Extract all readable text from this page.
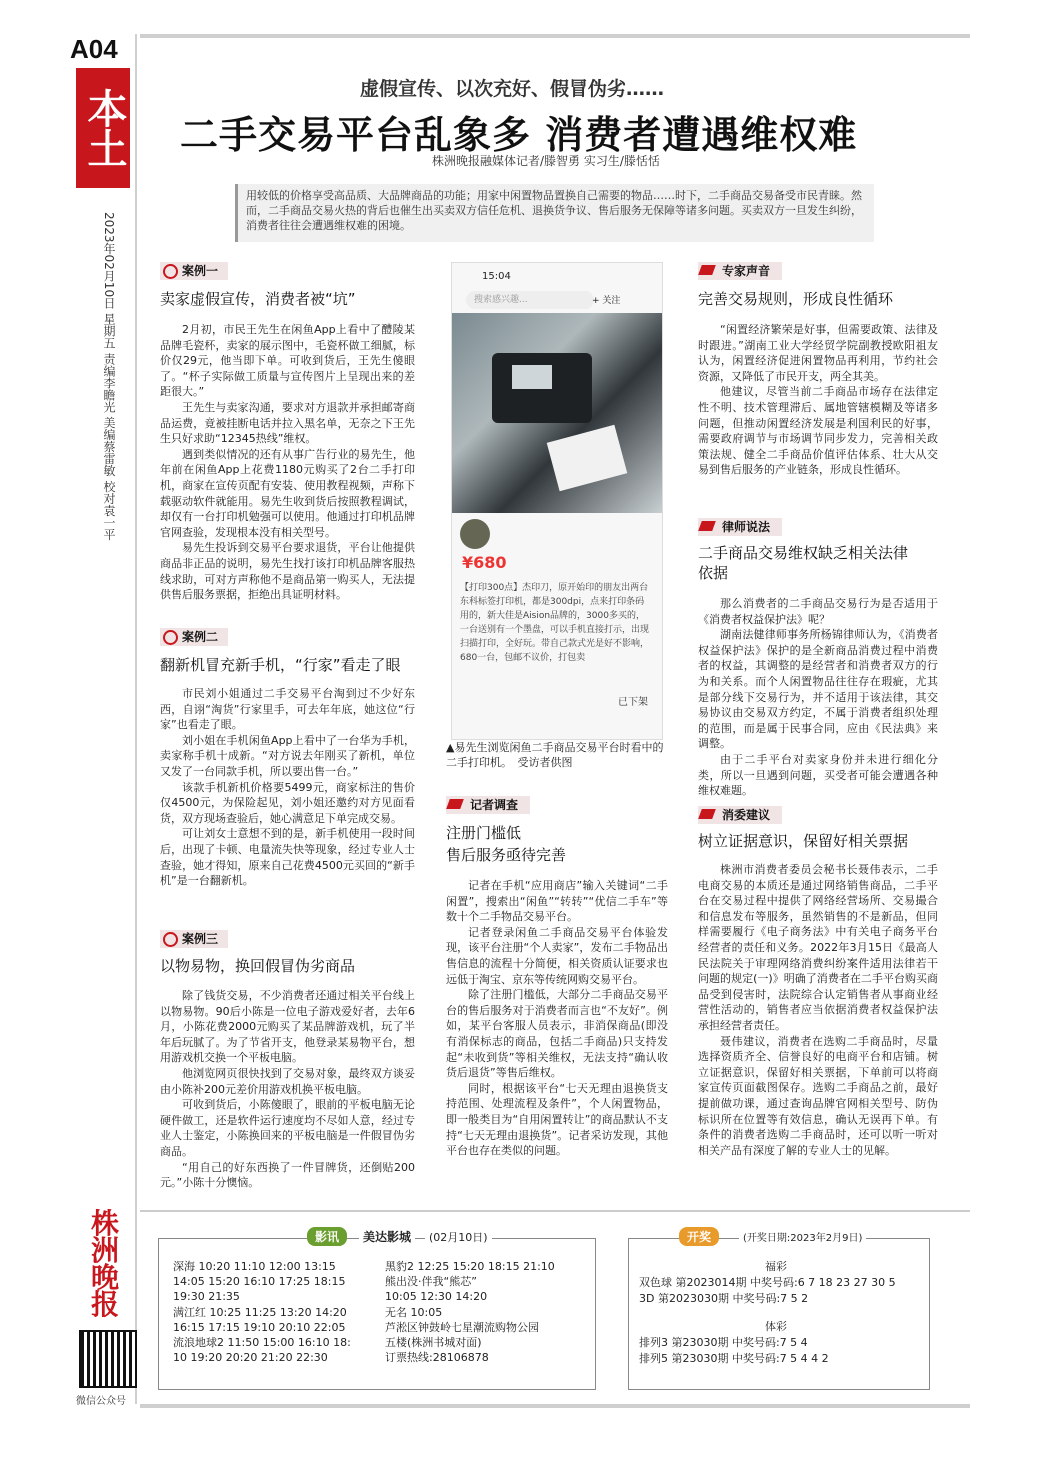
A04
本土
2023年02月10日 星期五 责编李瞻光 美编蔡雷敏 校对袁一平
虚假宣传、以次充好、假冒伪劣……
二手交易平台乱象多 消费者遭遇维权难
株洲晚报融媒体记者/滕智勇 实习生/滕恬恬
用较低的价格享受高品质、大品牌商品的功能；用家中闲置物品置换自己需要的物品……时下，二手商品交易备受市民青睐。然而，二手商品交易火热的背后也催生出买卖双方信任危机、退换货争议、售后服务无保障等诸多问题。买卖双方一旦发生纠纷，消费者往往会遭遇维权难的困境。
案例一
卖家虚假宣传，消费者被“坑”

2月初，市民王先生在闲鱼App上看中了醴陵某品牌毛瓷杯，卖家的展示图中，毛瓷杯做工细腻，标价仅29元，他当即下单。可收到货后，王先生傻眼了。“杯子实际做工质量与宣传图片上呈现出来的差距很大。”

王先生与卖家沟通，要求对方退款并承担邮寄商品运费，竟被挂断电话并拉入黑名单，无奈之下王先生只好求助“12345热线”维权。

遇到类似情况的还有从事广告行业的易先生，他年前在闲鱼App上花费1180元购买了2台二手打印机，商家在宣传页配有安装、使用教程视频，声称下载驱动软件就能用。易先生收到货后按照教程调试，却仅有一台打印机勉强可以使用。他通过打印机品牌官网查验，发现根本没有相关型号。

易先生投诉到交易平台要求退货，平台让他提供商品非正品的说明，易先生找打该打印机品牌客服热线求助，可对方声称他不是商品第一购买人，无法提供售后服务票据，拒绝出具证明材料。

案例二
翻新机冒充新手机，“行家”看走了眼

市民刘小姐通过二手交易平台淘到过不少好东西，自诩“淘货”行家里手，可去年年底，她这位“行家”也看走了眼。

刘小姐在手机闲鱼App上看中了一台华为手机，卖家称手机十成新。“对方说去年刚买了新机，单位又发了一台同款手机，所以要出售一台。”

该款手机新机价格要5499元，商家标注的售价仅4500元，为保险起见，刘小姐还邀约对方见面看货，双方现场查验后，她心满意足下单完成交易。

可让刘女士意想不到的是，新手机使用一段时间后，出现了卡顿、电量流失快等现象，经过专业人士查验，她才得知，原来自己花费4500元买回的“新手机”是一台翻新机。

案例三
以物易物，换回假冒伪劣商品

除了钱货交易，不少消费者还通过相关平台线上以物易物。90后小陈是一位电子游戏爱好者，去年6月，小陈花费2000元购买了某品牌游戏机，玩了半年后玩腻了。为了节省开支，他登录某易物平台，想用游戏机交换一个平板电脑。

他浏览网页很快找到了交易对象，最终双方谈妥由小陈补200元差价用游戏机换平板电脑。

可收到货后，小陈傻眼了，眼前的平板电脑无论硬件做工，还是软件运行速度均不尽如人意，经过专业人士鉴定，小陈换回来的平板电脑是一件假冒伪劣商品。

“用自己的好东西换了一件冒牌货，还倒贴200元。”小陈十分懊恼。

15:04
搜索感兴趣...	+ 关注
¥680
【打印300点】杰印刀，原开始印的朋友出两台东科标签打印机，都是300dpi，点来打印条码用的，新大佳是Aision品牌的，3000多买的，一台送别有一个墨盘，可以手机直接打示，出现扫描打印，全好玩。带自己款式光是好不影响，680一台，包邮不议价，打包卖
已下架
▲易先生浏览闲鱼二手商品交易平台时看中的二手打印机。　受访者供图
记者调查
注册门槛低
售后服务亟待完善

记者在手机“应用商店”输入关键词“二手闲置”，搜索出“闲鱼”“转转”“优信二手车”等数十个二手物品交易平台。

记者登录闲鱼二手商品交易平台体验发现，该平台注册“个人卖家”，发布二手物品出售信息的流程十分简便，相关资质认证要求也远低于淘宝、京东等传统网购交易平台。

除了注册门槛低，大部分二手商品交易平台的售后服务对于消费者而言也“不友好”。例如，某平台客服人员表示，非消保商品(即没有消保标志的商品，包括二手商品)只支持发起“未收到货”等相关维权，无法支持“确认收货后退货”等售后维权。

同时，根据该平台“七天无理由退换货支持范围、处理流程及条件”，个人闲置物品，即一般类目为“自用闲置转让”的商品默认不支持“七天无理由退换货”。记者采访发现，其他平台也存在类似的问题。

专家声音
完善交易规则，形成良性循环

“闲置经济繁荣是好事，但需要政策、法律及时跟进。”湖南工业大学经贸学院副教授欧阳祖友认为，闲置经济促进闲置物品再利用，节约社会资源，又降低了市民开支，两全其美。

他建议，尽管当前二手商品市场存在法律定性不明、技术管理滞后、属地管辖模糊及等诸多问题，但推动闲置经济发展是利国利民的好事，需要政府调节与市场调节同步发力，完善相关政策法规、健全二手商品价值评估体系、壮大从交易到售后服务的产业链条，形成良性循环。

律师说法
二手商品交易维权缺乏相关法律
依据

那么消费者的二手商品交易行为是否适用于《消费者权益保护法》呢？

湖南法健律师事务所杨锦律师认为，《消费者权益保护法》保护的是全新商品消费过程中消费者的权益，其调整的是经营者和消费者双方的行为和关系。而个人闲置物品往往存在瑕疵，尤其是部分线下交易行为，并不适用于该法律，其交易协议由交易双方约定，不属于消费者组织处理的范围，而是属于民事合同，应由《民法典》来调整。

由于二手平台对卖家身份并未进行细化分类，所以一旦遇到问题，买受者可能会遭遇各种维权难题。

消委建议
树立证据意识，保留好相关票据

株洲市消费者委员会秘书长聂伟表示，二手电商交易的本质还是通过网络销售商品，二手平台在交易过程中提供了网络经营场所、交易撮合和信息发布等服务，虽然销售的不是新品，但同样需要履行《电子商务法》中有关电子商务平台经营者的责任和义务。2022年3月15日《最高人民法院关于审理网络消费纠纷案件适用法律若干问题的规定(一)》明确了消费者在二手平台购买商品受到侵害时，法院综合认定销售者从事商业经营性活动的，销售者应当依据消费者权益保护法承担经营者责任。

聂伟建议，消费者在选购二手商品时，尽量选择资质齐全、信誉良好的电商平台和店铺。树立证据意识，保留好相关票据，下单前可以将商家宣传页面截图保存。选购二手商品之前，最好提前做功课，通过查询品牌官网相关型号、防伪标识所在位置等有效信息，确认无误再下单。有条件的消费者选购二手商品时，还可以听一听对相关产品有深度了解的专业人士的见解。

影讯	美达影城	(02月10日)
深海 10:20 11:10 12:00 13:15
14:05 15:20 16:10 17:25 18:15
19:30 21:35
满江红 10:25 11:25 13:20 14:20
16:15 17:15 19:10 20:10 22:05
流浪地球2 11:50 15:00 16:10 18:
10 19:20 20:20 21:20 22:30
黑豹2 12:25 15:20 18:15 21:10
熊出没·伴我“熊芯”
10:05 12:30 14:20
无名 10:05
芦淞区钟鼓岭七星潮流购物公园
五楼(株洲书城对面)
订票热线:28106878
开奖	(开奖日期:2023年2月9日)
福彩
双色球 第2023014期 中奖号码:6 7 18 23 27 30 5
3D 第2023030期 中奖号码:7 5 2
体彩
排列3 第23030期 中奖号码:7 5 4
排列5 第23030期 中奖号码:7 5 4 4 2
株洲晚报
微信公众号
